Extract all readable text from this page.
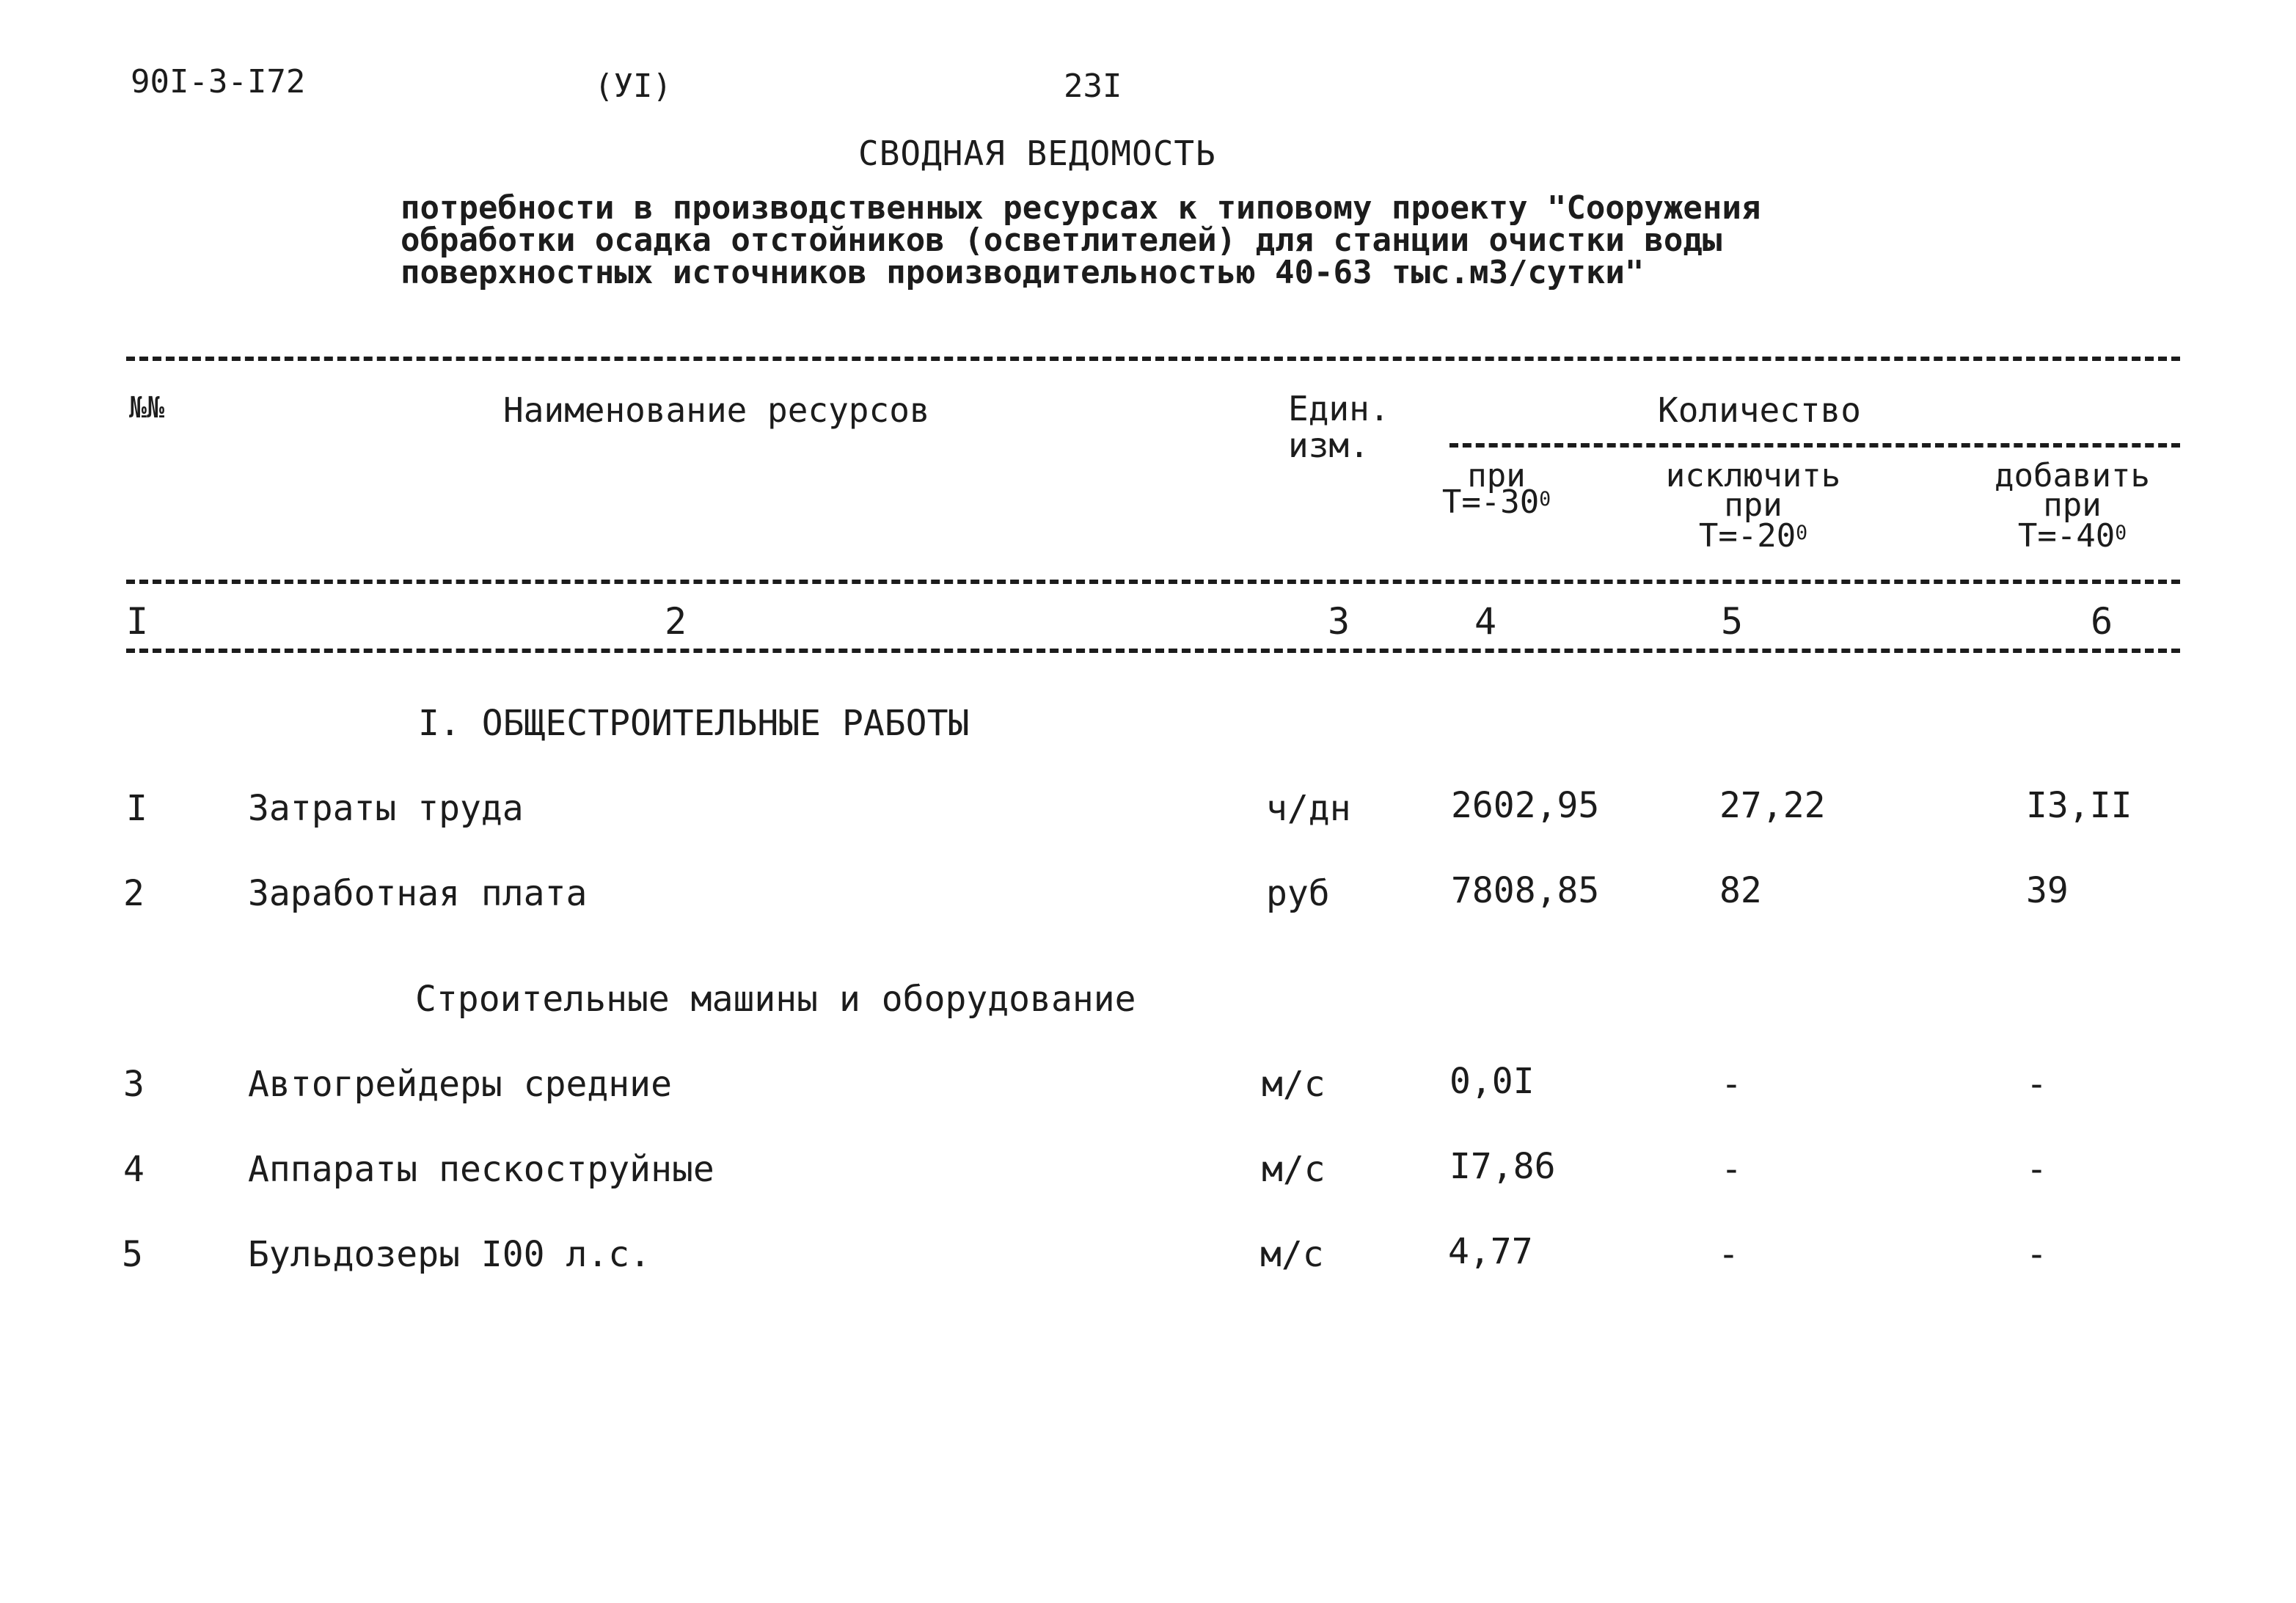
90I-3-I72	(УI)	23I
СВОДНАЯ ВЕДОМОСТЬ
потребности в производственных ресурсах к типовому проекту "Сооружения
обработки осадка отстойников (осветлителей) для станции очистки воды
поверхностных источников производительностью 40-63 тыс.м3/сутки"
№№	Наименование ресурсов	Един.
изм.
Количество
при
$Т=-30^0$
исключить
при
$Т=-20^0$
добавить
при
$Т=-40^0$
I	2	3	4	5	6
I. ОБЩЕСТРОИТЕЛЬНЫЕ РАБОТЫ
I	Затраты труда	ч/дн	2602,95	27,22	I3,II
2	Заработная плата	руб	7808,85	82	39
Строительные машины и оборудование
3	Автогрейдеры средние	м/с	0,0I	-	-
4	Аппараты пескоструйные	м/с	I7,86	-	-
5	Бульдозеры I00 л.с.	м/с	4,77	-	-
